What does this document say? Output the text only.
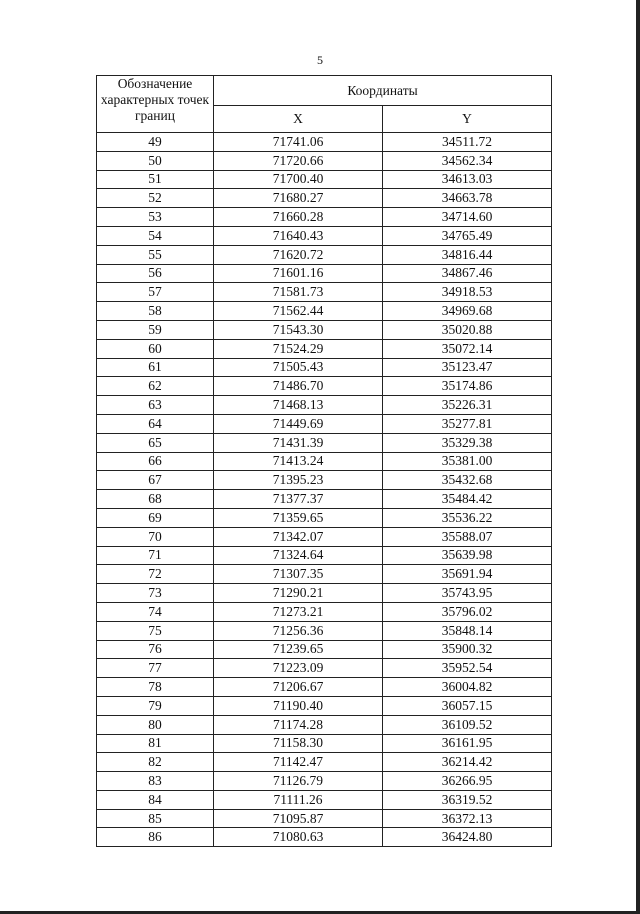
5
Обозначение характерных точек границ	Координаты	
	X	Y
49	71741.06	34511.72
50	71720.66	34562.34
51	71700.40	34613.03
52	71680.27	34663.78
53	71660.28	34714.60
54	71640.43	34765.49
55	71620.72	34816.44
56	71601.16	34867.46
57	71581.73	34918.53
58	71562.44	34969.68
59	71543.30	35020.88
60	71524.29	35072.14
61	71505.43	35123.47
62	71486.70	35174.86
63	71468.13	35226.31
64	71449.69	35277.81
65	71431.39	35329.38
66	71413.24	35381.00
67	71395.23	35432.68
68	71377.37	35484.42
69	71359.65	35536.22
70	71342.07	35588.07
71	71324.64	35639.98
72	71307.35	35691.94
73	71290.21	35743.95
74	71273.21	35796.02
75	71256.36	35848.14
76	71239.65	35900.32
77	71223.09	35952.54
78	71206.67	36004.82
79	71190.40	36057.15
80	71174.28	36109.52
81	71158.30	36161.95
82	71142.47	36214.42
83	71126.79	36266.95
84	71111.26	36319.52
85	71095.87	36372.13
86	71080.63	36424.80
